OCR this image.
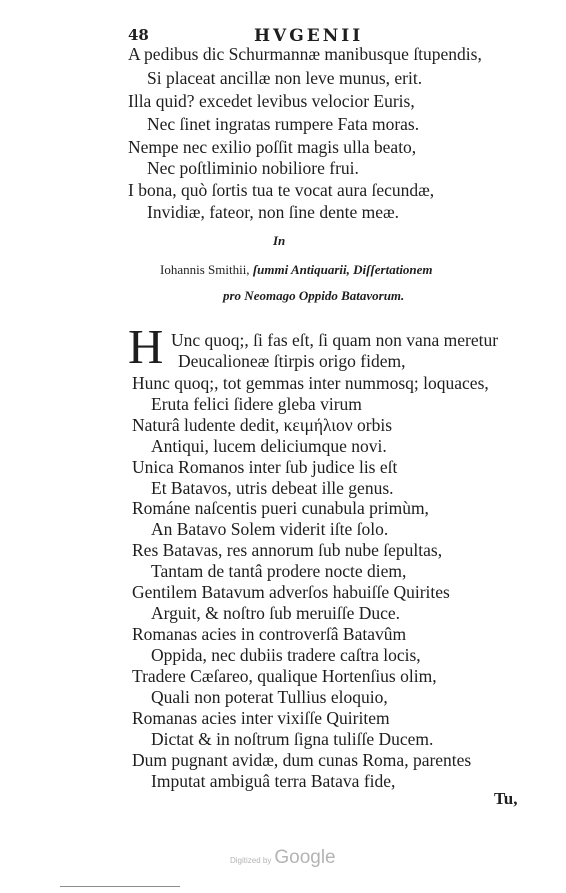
48	HVGENII
A pedibus dic Schurmannæ manibusque ſtupendis,
Si placeat ancillæ non leve munus, erit.
Illa quid? excedet levibus velocior Euris,
Nec ſinet ingratas rumpere Fata moras.
Nempe nec exilio poſſit magis ulla beato,
Nec poſtliminio nobiliore frui.
I bona, quò ſortis tua te vocat aura ſecundæ,
Invidiæ, fateor, non ſine dente meæ.
In
Iohannis Smithii, ſummi Antiquarii, Diſſertationem
pro Neomago Oppido Batavorum.
H Unc quoq;, ſi fas eſt, ſi quam non vana meretur
Deucalioneæ ſtirpis origo fidem,
Hunc quoq;, tot gemmas inter nummosq; loquaces,
Eruta felici ſidere gleba virum
Naturâ ludente dedit, κειμήλιον orbis
Antiqui, lucem deliciumque novi.
Unica Romanos inter ſub judice lis eſt
Et Batavos, utris debeat ille genus.
Románe naſcentis pueri cunabula primùm,
An Batavo Solem viderit iſte ſolo.
Res Batavas, res annorum ſub nube ſepultas,
Tantam de tantâ prodere nocte diem,
Gentilem Batavum adverſos habuiſſe Quirites
Arguit, & noſtro ſub meruiſſe Duce.
Romanas acies in controverſâ Batavûm
Oppida, nec dubiis tradere caſtra locis,
Tradere Cæſareo, qualique Hortenſius olim,
Quali non poterat Tullius eloquio,
Romanas acies inter vixiſſe Quiritem
Dictat & in noſtrum ſigna tuliſſe Ducem.
Dum pugnant avidæ, dum cunas Roma, parentes
Imputat ambiguâ terra Batava fide,
Tu,
Digitized by Google
